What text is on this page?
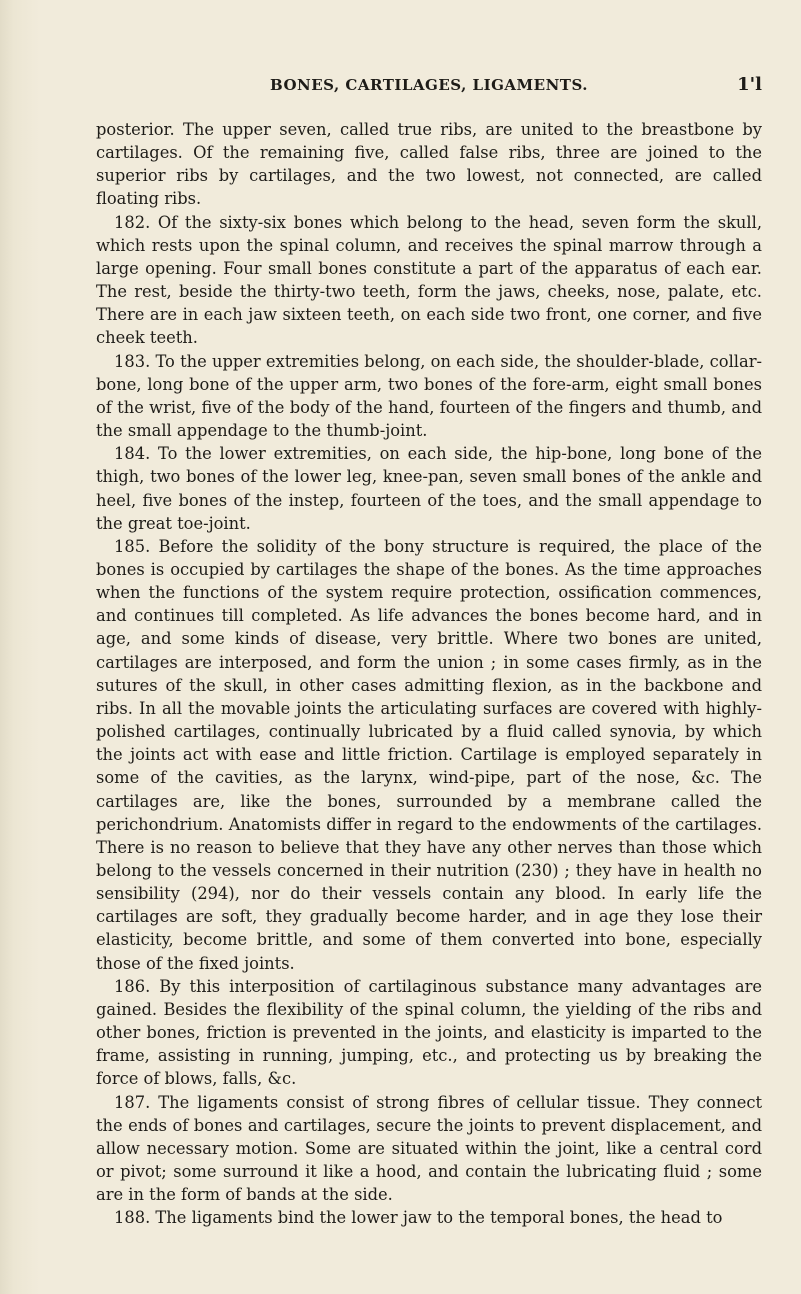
BONES, CARTILAGES, LIGAMENTS.	1'l

posterior. The upper seven, called true ribs, are united to the breastbone by cartilages. Of the remaining five, called false ribs, three are joined to the superior ribs by cartilages, and the two lowest, not connected, are called floating ribs.

182. Of the sixty-six bones which belong to the head, seven form the skull, which rests upon the spinal column, and receives the spinal marrow through a large opening. Four small bones constitute a part of the apparatus of each ear. The rest, beside the thirty-two teeth, form the jaws, cheeks, nose, palate, etc. There are in each jaw sixteen teeth, on each side two front, one corner, and five cheek teeth.

183. To the upper extremities belong, on each side, the shoulder-blade, collar-bone, long bone of the upper arm, two bones of the fore-arm, eight small bones of the wrist, five of the body of the hand, fourteen of the fingers and thumb, and the small appendage to the thumb-joint.

184. To the lower extremities, on each side, the hip-bone, long bone of the thigh, two bones of the lower leg, knee-pan, seven small bones of the ankle and heel, five bones of the instep, fourteen of the toes, and the small appendage to the great toe-joint.

185. Before the solidity of the bony structure is required, the place of the bones is occupied by cartilages the shape of the bones. As the time approaches when the functions of the system require protection, ossification commences, and continues till completed. As life advances the bones become hard, and in age, and some kinds of disease, very brittle. Where two bones are united, cartilages are interposed, and form the union ; in some cases firmly, as in the sutures of the skull, in other cases admitting flexion, as in the backbone and ribs. In all the movable joints the articulating surfaces are covered with highly-polished cartilages, continually lubricated by a fluid called synovia, by which the joints act with ease and little friction. Cartilage is employed separately in some of the cavities, as the larynx, wind-pipe, part of the nose, &c. The cartilages are, like the bones, surrounded by a membrane called the perichondrium. Anatomists differ in regard to the endowments of the cartilages. There is no reason to believe that they have any other nerves than those which belong to the vessels concerned in their nutrition (230) ; they have in health no sensibility (294), nor do their vessels contain any blood. In early life the cartilages are soft, they gradually become harder, and in age they lose their elasticity, become brittle, and some of them converted into bone, especially those of the fixed joints.

186. By this interposition of cartilaginous substance many advantages are gained. Besides the flexibility of the spinal column, the yielding of the ribs and other bones, friction is prevented in the joints, and elasticity is imparted to the frame, assisting in running, jumping, etc., and protecting us by breaking the force of blows, falls, &c.

187. The ligaments consist of strong fibres of cellular tissue. They connect the ends of bones and cartilages, secure the joints to prevent displacement, and allow necessary motion. Some are situated within the joint, like a central cord or pivot; some surround it like a hood, and contain the lubricating fluid ; some are in the form of bands at the side.

188. The ligaments bind the lower jaw to the temporal bones, the head to
